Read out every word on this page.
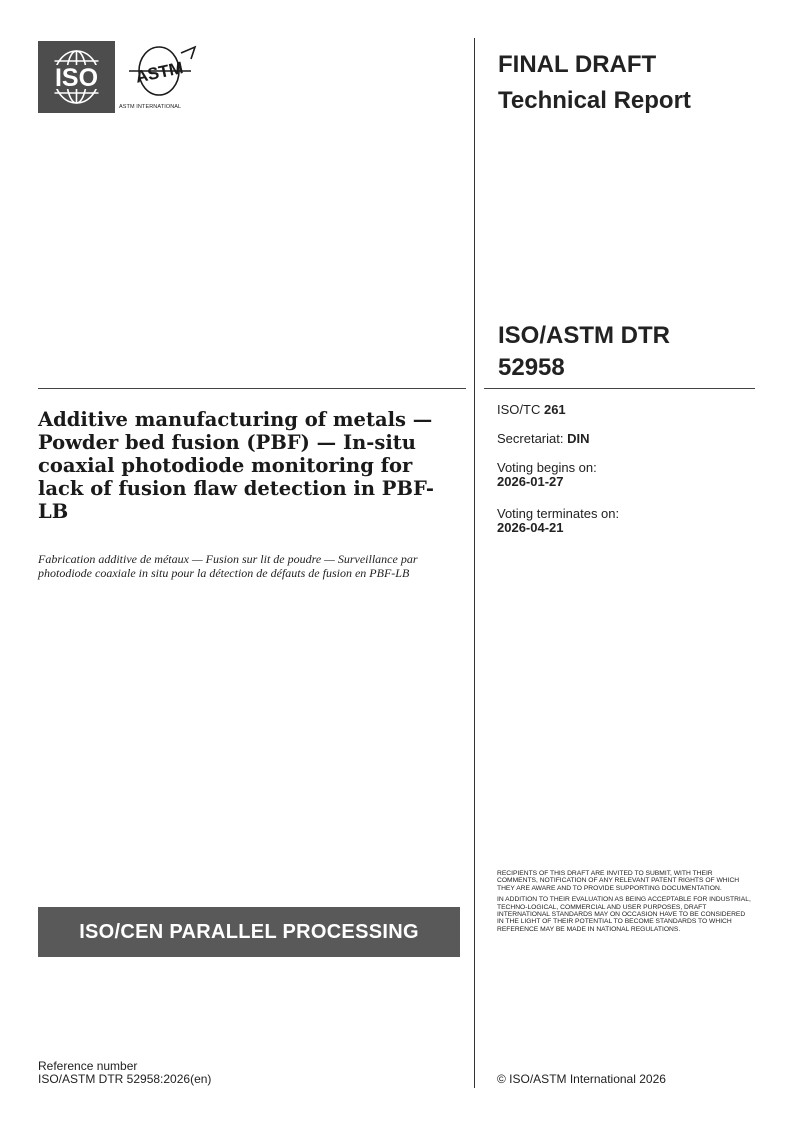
ISO ASTM
ASTM INTERNATIONAL
FINAL DRAFT
Technical Report
ISO/ASTM DTR 52958
ISO/TC 261
Secretariat: DIN
Voting begins on:
2026-01-27
Voting terminates on:
2026-04-21
Additive manufacturing of metals — Powder bed fusion (PBF) — In-situ coaxial photodiode monitoring for lack of fusion flaw detection in PBF-LB
Fabrication additive de métaux — Fusion sur lit de poudre — Surveillance par photodiode coaxiale in situ pour la détection de défauts de fusion en PBF-LB
ISO/CEN PARALLEL PROCESSING

RECIPIENTS OF THIS DRAFT ARE INVITED TO SUBMIT, WITH THEIR COMMENTS, NOTIFICATION OF ANY RELEVANT PATENT RIGHTS OF WHICH THEY ARE AWARE AND TO PROVIDE SUPPORTING DOCUMENTATION.

IN ADDITION TO THEIR EVALUATION AS BEING ACCEPTABLE FOR INDUSTRIAL, TECHNO-LOGICAL, COMMERCIAL AND USER PURPOSES, DRAFT INTERNATIONAL STANDARDS MAY ON OCCASION HAVE TO BE CONSIDERED IN THE LIGHT OF THEIR POTENTIAL TO BECOME STANDARDS TO WHICH REFERENCE MAY BE MADE IN NATIONAL REGULATIONS.

Reference number
ISO/ASTM DTR 52958:2026(en)	© ISO/ASTM International 2026
